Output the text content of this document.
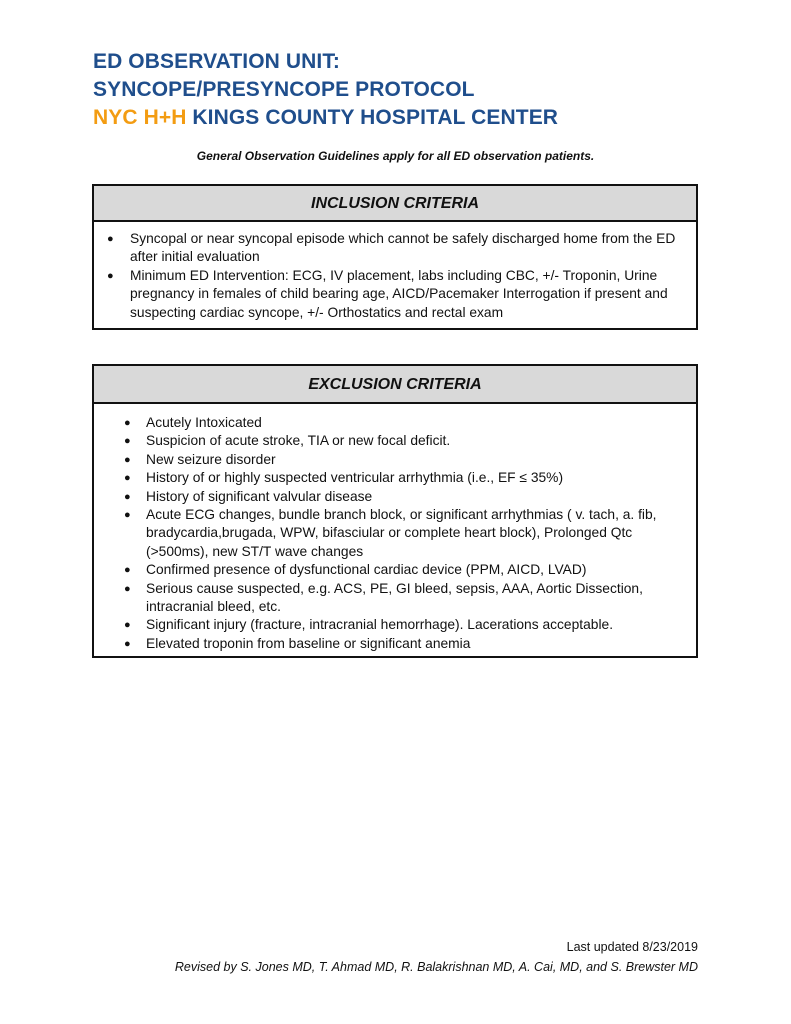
ED OBSERVATION UNIT:
SYNCOPE/PRESYNCOPE PROTOCOL
NYC H+H KINGS COUNTY HOSPITAL CENTER
General Observation Guidelines apply for all ED observation patients.
INCLUSION CRITERIA
● Syncopal or near syncopal episode which cannot be safely discharged home from the ED after initial evaluation
● Minimum ED Intervention: ECG, IV placement, labs including CBC, +/- Troponin, Urine pregnancy in females of child bearing age, AICD/Pacemaker Interrogation if present and suspecting cardiac syncope, +/- Orthostatics and rectal exam
EXCLUSION CRITERIA
● Acutely Intoxicated
● Suspicion of acute stroke, TIA or new focal deficit.
● New seizure disorder
● History of or highly suspected ventricular arrhythmia (i.e., EF ≤ 35%)
● History of significant valvular disease
● Acute ECG changes, bundle branch block, or significant arrhythmias ( v. tach, a. fib, bradycardia,brugada, WPW, bifasciular or complete heart block), Prolonged Qtc (>500ms), new ST/T wave changes
● Confirmed presence of dysfunctional cardiac device (PPM, AICD, LVAD)
● Serious cause suspected, e.g. ACS, PE, GI bleed, sepsis, AAA, Aortic Dissection, intracranial bleed, etc.
● Significant injury (fracture, intracranial hemorrhage). Lacerations acceptable.
● Elevated troponin from baseline or significant anemia
Last updated 8/23/2019
Revised by S. Jones MD, T. Ahmad MD, R. Balakrishnan MD, A. Cai, MD, and S. Brewster MD
